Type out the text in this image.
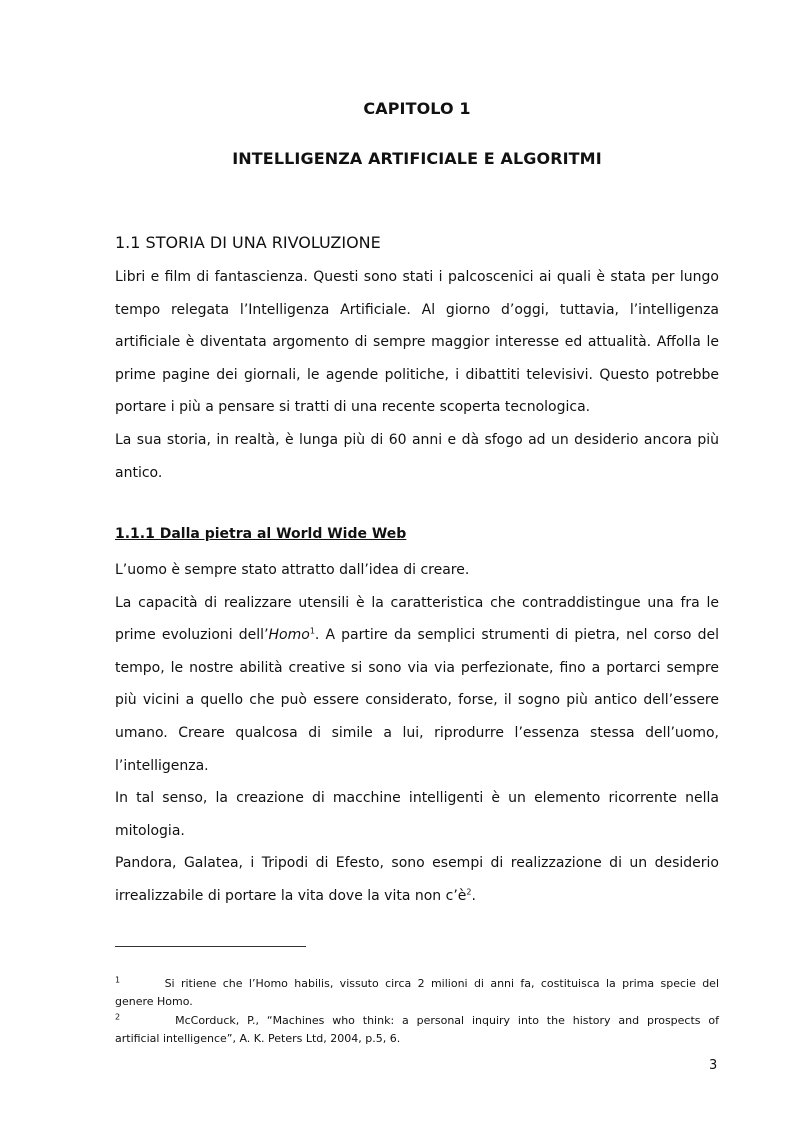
CAPITOLO 1
INTELLIGENZA ARTIFICIALE E ALGORITMI
1.1 STORIA DI UNA RIVOLUZIONE
Libri e film di fantascienza. Questi sono stati i palcoscenici ai quali è stata per lungo
tempo relegata l’Intelligenza Artificiale. Al giorno d’oggi, tuttavia, l’intelligenza
artificiale è diventata argomento di sempre maggior interesse ed attualità. Affolla le
prime pagine dei giornali, le agende politiche, i dibattiti televisivi. Questo potrebbe
portare i più a pensare si tratti di una recente scoperta tecnologica.
La sua storia, in realtà, è lunga più di 60 anni e dà sfogo ad un desiderio ancora più
antico.
1.1.1 Dalla pietra al World Wide Web
L’uomo è sempre stato attratto dall’idea di creare.
La capacità di realizzare utensili è la caratteristica che contraddistingue una fra le
prime evoluzioni dell’Homo$^1$. A partire da semplici strumenti di pietra, nel corso del
tempo, le nostre abilità creative si sono via via perfezionate, fino a portarci sempre
più vicini a quello che può essere considerato, forse, il sogno più antico dell’essere
umano. Creare qualcosa di simile a lui, riprodurre l’essenza stessa dell’uomo,
l’intelligenza.
In tal senso, la creazione di macchine intelligenti è un elemento ricorrente nella
mitologia.
Pandora, Galatea, i Tripodi di Efesto, sono esempi di realizzazione di un desiderio
irrealizzabile di portare la vita dove la vita non $c’è^2$.
$^1$	Si ritiene che l’Homo habilis, vissuto circa 2 milioni di anni fa, costituisca la prima specie del
genere Homo.
$^2$	McCorduck, P., “Machines who think: a personal inquiry into the history and prospects of
artificial intelligence”, A. K. Peters Ltd, 2004, p.5, 6.
3
